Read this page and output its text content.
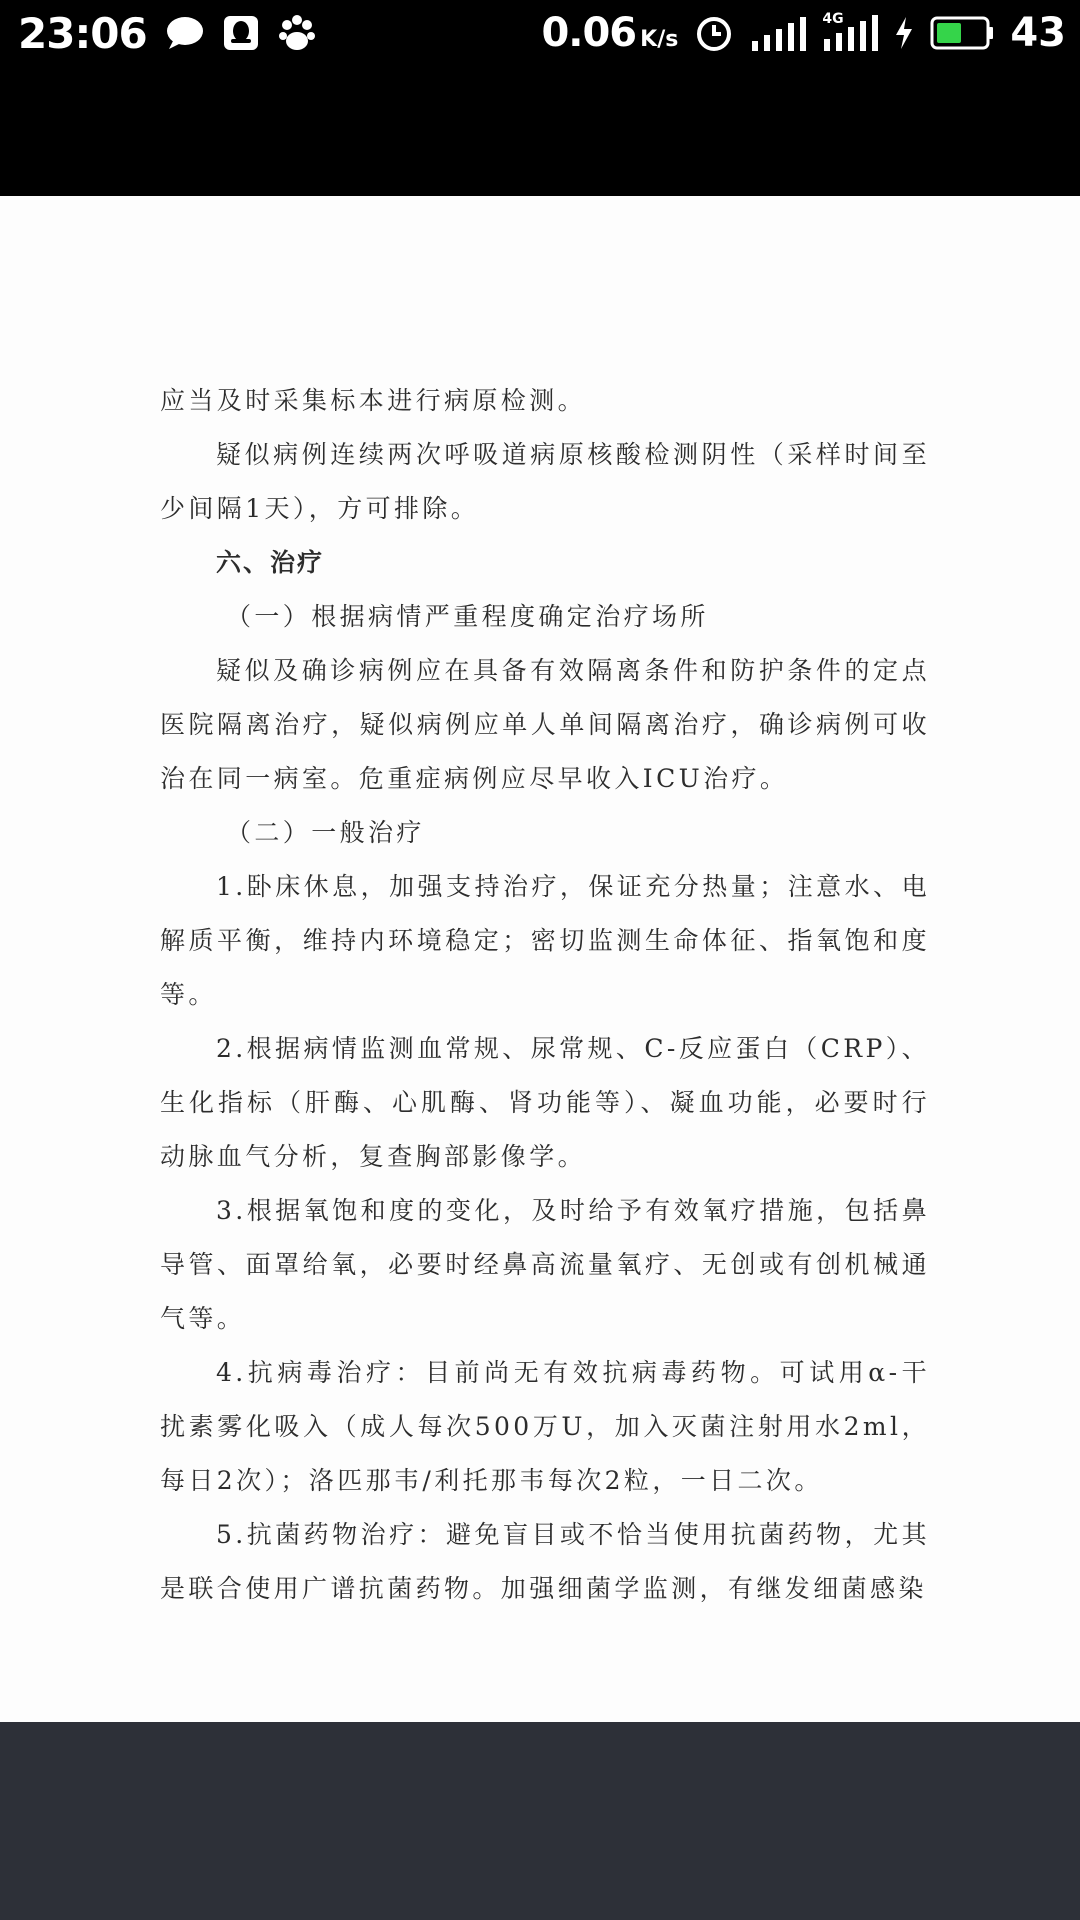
23:06	0.06 K/s
4G	43

应当及时采集标本进行病原检测。

疑似病例连续两次呼吸道病原核酸检测阴性（采样时间至少间隔1天），方可排除。

六、治疗

（一）根据病情严重程度确定治疗场所

疑似及确诊病例应在具备有效隔离条件和防护条件的定点医院隔离治疗，疑似病例应单人单间隔离治疗，确诊病例可收治在同一病室。危重症病例应尽早收入ICU治疗。

（二）一般治疗

1.卧床休息，加强支持治疗，保证充分热量；注意水、电解质平衡，维持内环境稳定；密切监测生命体征、指氧饱和度等。

2.根据病情监测血常规、尿常规、C-反应蛋白（CRP）、生化指标（肝酶、心肌酶、肾功能等）、凝血功能，必要时行动脉血气分析，复查胸部影像学。

3.根据氧饱和度的变化，及时给予有效氧疗措施，包括鼻导管、面罩给氧，必要时经鼻高流量氧疗、无创或有创机械通气等。

4.抗病毒治疗：目前尚无有效抗病毒药物。可试用α-干扰素雾化吸入（成人每次500万U，加入灭菌注射用水2ml，每日2次）；洛匹那韦/利托那韦每次2粒，一日二次。

5.抗菌药物治疗：避免盲目或不恰当使用抗菌药物，尤其是联合使用广谱抗菌药物。加强细菌学监测，有继发细菌感染
